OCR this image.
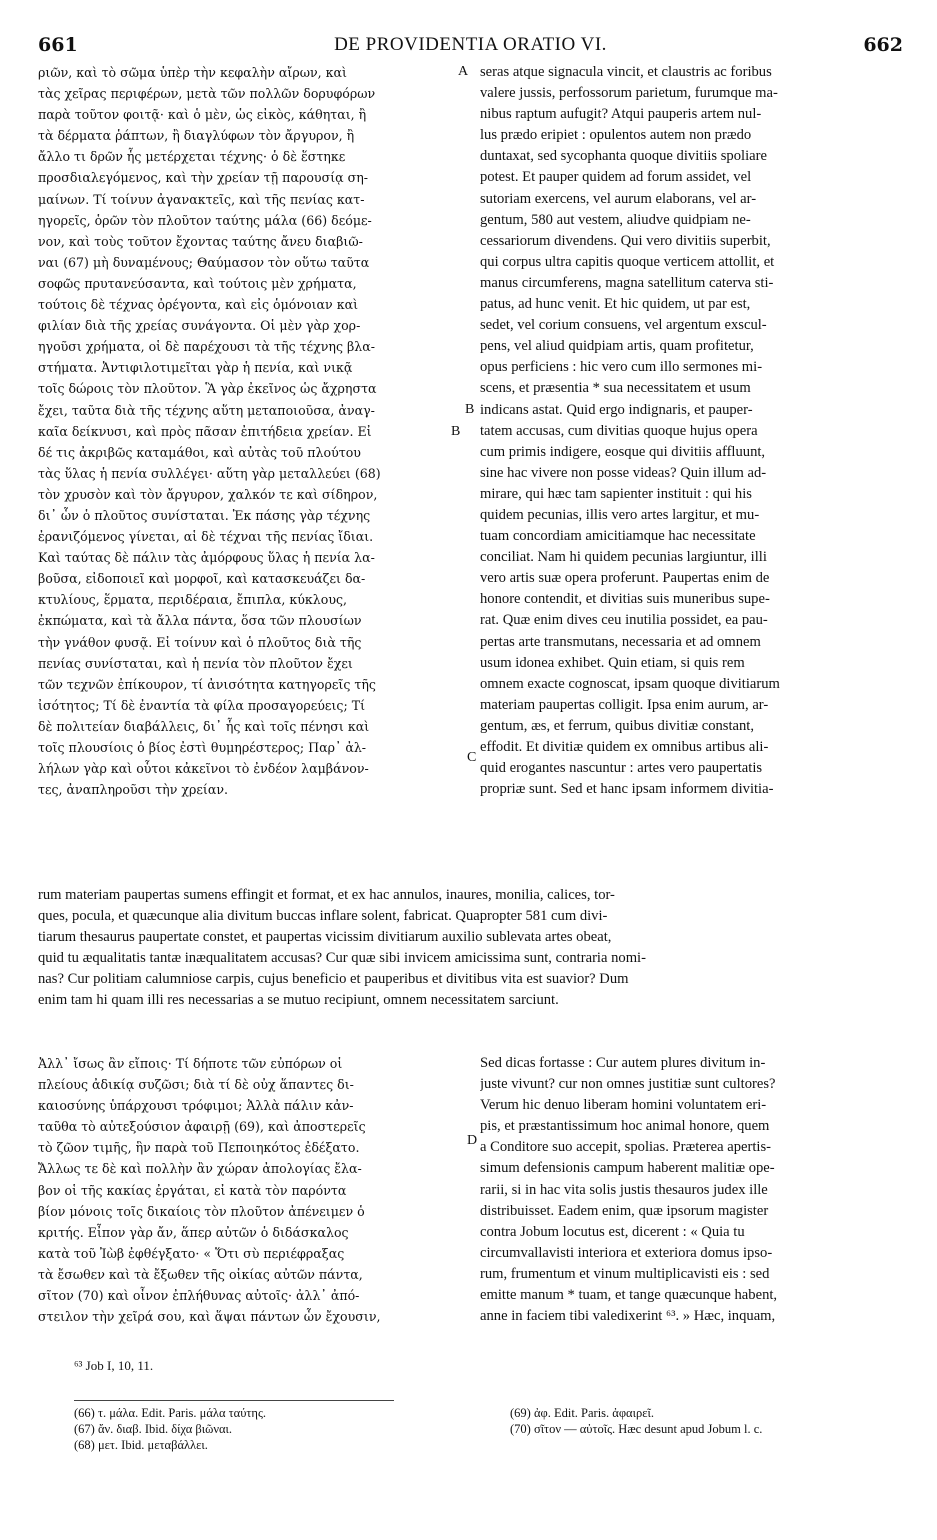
661	DE PROVIDENTIA ORATIO VI.	662
A
B
B
C
D
ριῶν, καὶ τὸ σῶμα ὑπὲρ τὴν κεφαλὴν αἴρων, καὶ
τὰς χεῖρας περιφέρων, μετὰ τῶν πολλῶν δορυφόρων
παρὰ τοῦτον φοιτᾷ· καὶ ὁ μὲν, ὡς εἰκὸς, κάθηται, ἢ
τὰ δέρματα ῥάπτων, ἢ διαγλύφων τὸν ἄργυρον, ἢ
ἄλλο τι δρῶν ἧς μετέρχεται τέχνης· ὁ δὲ ἕστηκε
προσδιαλεγόμενος, καὶ τὴν χρείαν τῇ παρουσίᾳ ση-
μαίνων. Τί τοίνυν ἀγανακτεῖς, καὶ τῆς πενίας κατ-
ηγορεῖς, ὁρῶν τὸν πλοῦτον ταύτης μάλα (66) δεόμε-
νον, καὶ τοὺς τοῦτον ἔχοντας ταύτης ἄνευ διαβιῶ-
ναι (67) μὴ δυναμένους; Θαύμασον τὸν οὕτω ταῦτα
σοφῶς πρυτανεύσαντα, καὶ τούτοις μὲν χρήματα,
τούτοις δὲ τέχνας ὀρέγοντα, καὶ εἰς ὁμόνοιαν καὶ
φιλίαν διὰ τῆς χρείας συνάγοντα. Οἱ μὲν γὰρ χορ-
ηγοῦσι χρήματα, οἱ δὲ παρέχουσι τὰ τῆς τέχνης βλα-
στήματα. Ἀντιφιλοτιμεῖται γὰρ ἡ πενία, καὶ νικᾷ
τοῖς δώροις τὸν πλοῦτον. Ἃ γὰρ ἐκεῖνος ὡς ἄχρηστα
ἔχει, ταῦτα διὰ τῆς τέχνης αὕτη μεταποιοῦσα, ἀναγ-
καῖα δείκνυσι, καὶ πρὸς πᾶσαν ἐπιτήδεια χρείαν. Εἰ
δέ τις ἀκριβῶς καταμάθοι, καὶ αὐτὰς τοῦ πλούτου
τὰς ὕλας ἡ πενία συλλέγει· αὕτη γὰρ μεταλλεύει (68)
τὸν χρυσὸν καὶ τὸν ἄργυρον, χαλκόν τε καὶ σίδηρον,
δι᾽ ὧν ὁ πλοῦτος συνίσταται. Ἐκ πάσης γὰρ τέχνης
ἐρανιζόμενος γίνεται, αἱ δὲ τέχναι τῆς πενίας ἴδιαι.
Καὶ ταύτας δὲ πάλιν τὰς ἀμόρφους ὕλας ἡ πενία λα-
βοῦσα, εἰδοποιεῖ καὶ μορφοῖ, καὶ κατασκευάζει δα-
κτυλίους, ἕρματα, περιδέραια, ἔπιπλα, κύκλους,
ἐκπώματα, καὶ τὰ ἄλλα πάντα, ὅσα τῶν πλουσίων
τὴν γνάθον φυσᾷ. Εἰ τοίνυν καὶ ὁ πλοῦτος διὰ τῆς
πενίας συνίσταται, καὶ ἡ πενία τὸν πλοῦτον ἔχει
τῶν τεχνῶν ἐπίκουρον, τί ἀνισότητα κατηγορεῖς τῆς
ἰσότητος; Τί δὲ ἐναντία τὰ φίλα προσαγορεύεις; Τί
δὲ πολιτείαν διαβάλλεις, δι᾽ ἧς καὶ τοῖς πένησι καὶ
τοῖς πλουσίοις ὁ βίος ἐστὶ θυμηρέστερος; Παρ᾽ ἀλ-
λήλων γὰρ καὶ οὗτοι κἀκεῖνοι τὸ ἐνδέον λαμβάνον-
τες, ἀναπληροῦσι τὴν χρείαν.
seras atque signacula vincit, et claustris ac foribus
valere jussis, perfossorum parietum, furumque ma-
nibus raptum aufugit? Atqui pauperis artem nul-
lus prædo eripiet : opulentos autem non prædo
duntaxat, sed sycophanta quoque divitiis spoliare
potest. Et pauper quidem ad forum assidet, vel
sutoriam exercens, vel aurum elaborans, vel ar-
gentum, 580 aut vestem, aliudve quidpiam ne-
cessariorum divendens. Qui vero divitiis superbit,
qui corpus ultra capitis quoque verticem attollit, et
manus circumferens, magna satellitum caterva sti-
patus, ad hunc venit. Et hic quidem, ut par est,
sedet, vel corium consuens, vel argentum exscul-
pens, vel aliud quidpiam artis, quam profitetur,
opus perficiens : hic vero cum illo sermones mi-
scens, et præsentia * sua necessitatem et usum
indicans astat. Quid ergo indignaris, et pauper-
tatem accusas, cum divitias quoque hujus opera
cum primis indigere, eosque qui divitiis affluunt,
sine hac vivere non posse videas? Quin illum ad-
mirare, qui hæc tam sapienter instituit : qui his
quidem pecunias, illis vero artes largitur, et mu-
tuam concordiam amicitiamque hac necessitate
conciliat. Nam hi quidem pecunias largiuntur, illi
vero artis suæ opera proferunt. Paupertas enim de
honore contendit, et divitias suis muneribus supe-
rat. Quæ enim dives ceu inutilia possidet, ea pau-
pertas arte transmutans, necessaria et ad omnem
usum idonea exhibet. Quin etiam, si quis rem
omnem exacte cognoscat, ipsam quoque divitiarum
materiam paupertas colligit. Ipsa enim aurum, ar-
gentum, æs, et ferrum, quibus divitiæ constant,
effodit. Et divitiæ quidem ex omnibus artibus ali-
quid erogantes nascuntur : artes vero paupertatis
propriæ sunt. Sed et hanc ipsam informem divitia-
rum materiam paupertas sumens effingit et format, et ex hac annulos, inaures, monilia, calices, tor-
ques, pocula, et quæcunque alia divitum buccas inflare solent, fabricat. Quapropter 581 cum divi-
tiarum thesaurus paupertate constet, et paupertas vicissim divitiarum auxilio sublevata artes obeat,
quid tu æqualitatis tantæ inæqualitatem accusas? Cur quæ sibi invicem amicissima sunt, contraria nomi-
nas? Cur politiam calumniose carpis, cujus beneficio et pauperibus et divitibus vita est suavior? Dum
enim tam hi quam illi res necessarias a se mutuo recipiunt, omnem necessitatem sarciunt.
Ἀλλ᾽ ἴσως ἂν εἴποις· Τί δήποτε τῶν εὐπόρων οἱ
πλείους ἀδικίᾳ συζῶσι; διὰ τί δὲ οὐχ ἅπαντες δι-
καιοσύνης ὑπάρχουσι τρόφιμοι; Ἀλλὰ πάλιν κἀν-
ταῦθα τὸ αὐτεξούσιον ἀφαιρῇ (69), καὶ ἀποστερεῖς
τὸ ζῶον τιμῆς, ἣν παρὰ τοῦ Πεποιηκότος ἐδέξατο.
Ἄλλως τε δὲ καὶ πολλὴν ἂν χώραν ἀπολογίας ἔλα-
βον οἱ τῆς κακίας ἐργάται, εἰ κατὰ τὸν παρόντα
βίον μόνοις τοῖς δικαίοις τὸν πλοῦτον ἀπένειμεν ὁ
κριτής. Εἶπον γὰρ ἄν, ἅπερ αὐτῶν ὁ διδάσκαλος
κατὰ τοῦ Ἰὼβ ἐφθέγξατο· « Ὅτι σὺ περιέφραξας
τὰ ἔσωθεν καὶ τὰ ἔξωθεν τῆς οἰκίας αὐτῶν πάντα,
σῖτον (70) καὶ οἶνον ἐπλήθυνας αὐτοῖς· ἀλλ᾽ ἀπό-
στειλον τὴν χεῖρά σου, καὶ ἅψαι πάντων ὧν ἔχουσιν,
Sed dicas fortasse : Cur autem plures divitum in-
juste vivunt? cur non omnes justitiæ sunt cultores?
Verum hic denuo liberam homini voluntatem eri-
pis, et præstantissimum hoc animal honore, quem
a Conditore suo accepit, spolias. Præterea apertis-
simum defensionis campum haberent malitiæ ope-
rarii, si in hac vita solis justis thesauros judex ille
distribuisset. Eadem enim, quæ ipsorum magister
contra Jobum locutus est, dicerent : « Quia tu
circumvallavisti interiora et exteriora domus ipso-
rum, frumentum et vinum multiplicavisti eis : sed
emitte manum * tuam, et tange quæcunque habent,
anne in faciem tibi valedixerint ⁶³. » Hæc, inquam,
⁶³ Job I, 10, 11.
(66) τ. μάλα. Edit. Paris. μάλα ταύτης.
(67) ἄν. διαβ. Ibid. δίχα βιῶναι.
(68) μετ. Ibid. μεταβάλλει.
(69) ἀφ. Edit. Paris. ἀφαιρεῖ.
(70) σῖτον — αὐτοῖς. Hæc desunt apud Jobum l. c.
